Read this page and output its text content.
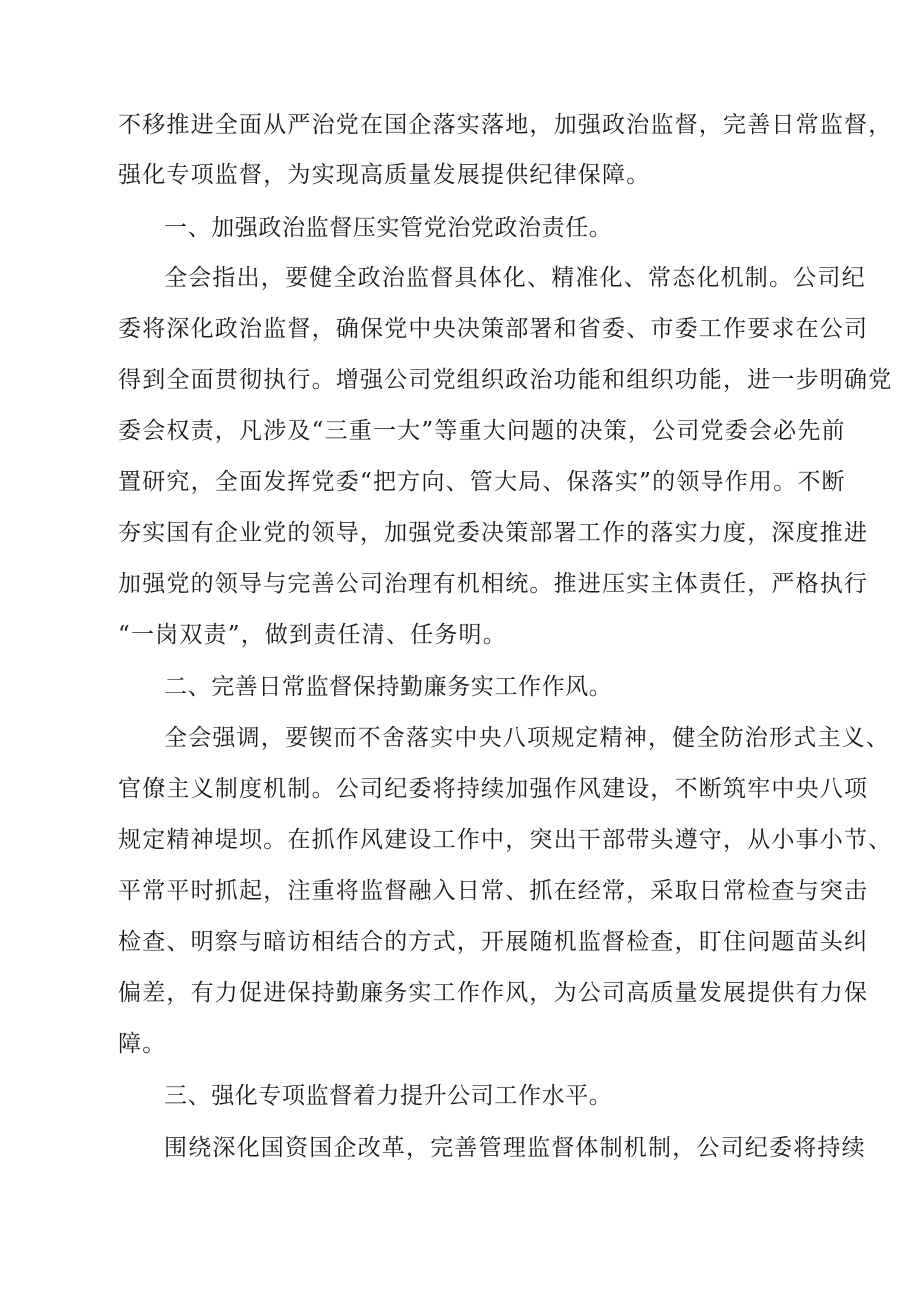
不移推进全面从严治党在国企落实落地，加强政治监督，完善日常监督，
强化专项监督，为实现高质量发展提供纪律保障。
一、加强政治监督压实管党治党政治责任。
全会指出，要健全政治监督具体化、精准化、常态化机制。公司纪
委将深化政治监督，确保党中央决策部署和省委、市委工作要求在公司
得到全面贯彻执行。增强公司党组织政治功能和组织功能，进一步明确党
委会权责，凡涉及“三重一大”等重大问题的决策，公司党委会必先前
置研究，全面发挥党委“把方向、管大局、保落实”的领导作用。不断
夯实国有企业党的领导，加强党委决策部署工作的落实力度，深度推进
加强党的领导与完善公司治理有机相统。推进压实主体责任，严格执行
“一岗双责”，做到责任清、任务明。
二、完善日常监督保持勤廉务实工作作风。
全会强调，要锲而不舍落实中央八项规定精神，健全防治形式主义、
官僚主义制度机制。公司纪委将持续加强作风建设，不断筑牢中央八项
规定精神堤坝。在抓作风建设工作中，突出干部带头遵守，从小事小节、
平常平时抓起，注重将监督融入日常、抓在经常，采取日常检查与突击
检查、明察与暗访相结合的方式，开展随机监督检查，盯住问题苗头纠
偏差，有力促进保持勤廉务实工作作风，为公司高质量发展提供有力保
障。
三、强化专项监督着力提升公司工作水平。
围绕深化国资国企改革，完善管理监督体制机制，公司纪委将持续
